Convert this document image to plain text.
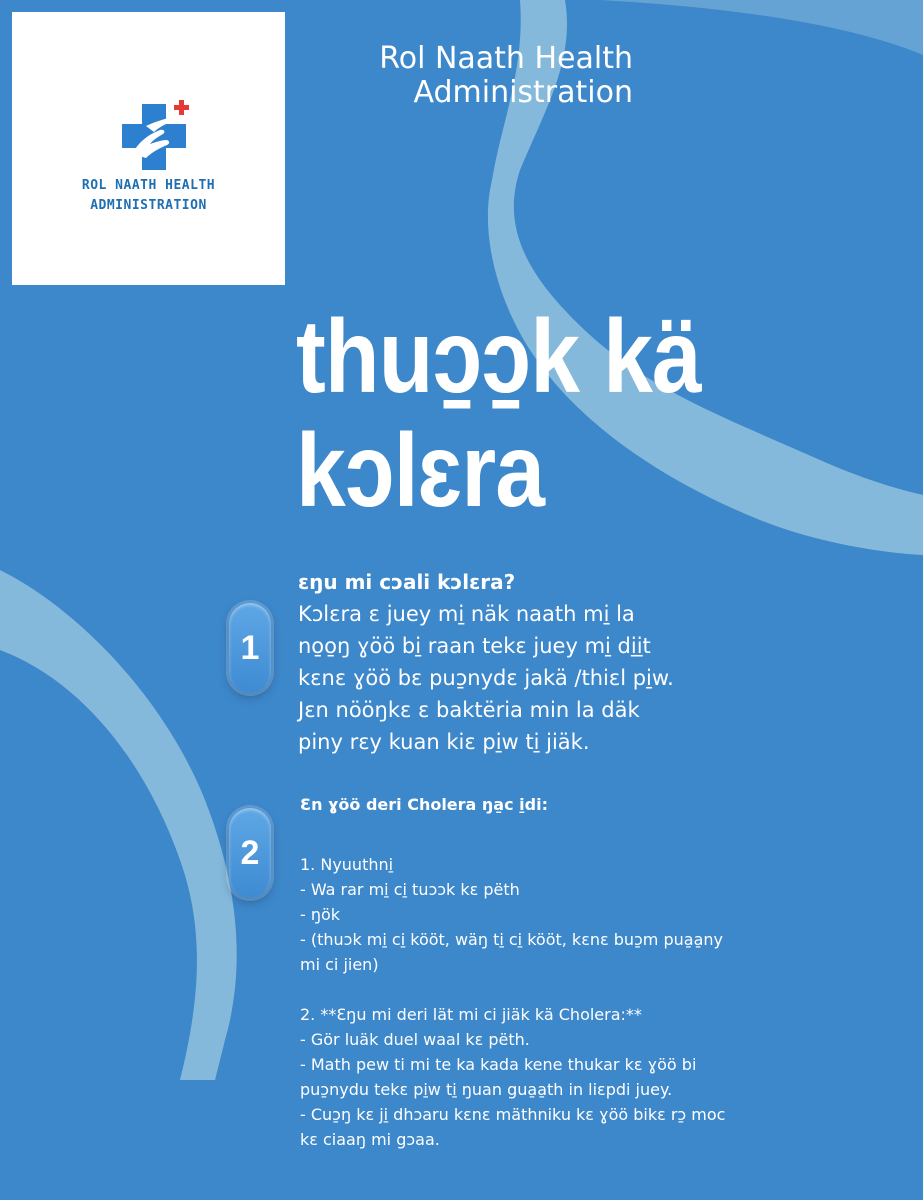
ROL NAATH HEALTH
ADMINISTRATION
Rol Naath Health
Administration
thuɔ̱ɔ̱k kä
kɔlɛra
1
2
ɛŋu mi cɔali kɔlɛra?
Kɔlɛra ɛ juey mi̱ näk naath mi̱ la
no̱o̱ŋ ɣöö bi̱ raan tekɛ juey mi̱ di̱i̱t
kɛnɛ ɣöö bɛ puɔ̱nydɛ jakä /thiɛl pi̱w.
Jɛn nööŋkɛ ɛ baktëria min la däk
piny rɛy kuan kiɛ pi̱w ti̱ jiäk.
Ɛn ɣöö deri Cholera ŋa̱c i̱di:
1. Nyuuthni̱
- Wa rar mi̱ ci̱ tuɔɔk kɛ pëth
- ŋök
- (thuɔk mi̱ ci̱ kööt, wäŋ ti̱ ci̱ kööt, kɛnɛ buɔ̱m pua̱a̱ny
mi ci jien)
2. **Ɛŋu mi deri lät mi ci jiäk kä Cholera:**
- Gör luäk duel waal kɛ pëth.
- Math pew ti mi te ka kada kene thukar kɛ ɣöö bi
puɔ̱nydu tekɛ pi̱w ti̱ ŋuan gua̱a̱th in liɛpdi juey.
- Cuɔ̱ŋ kɛ ji̱ dhɔaru kɛnɛ mäthniku kɛ ɣöö bikɛ rɔ̱ moc
kɛ ciaaŋ mi gɔaa.
